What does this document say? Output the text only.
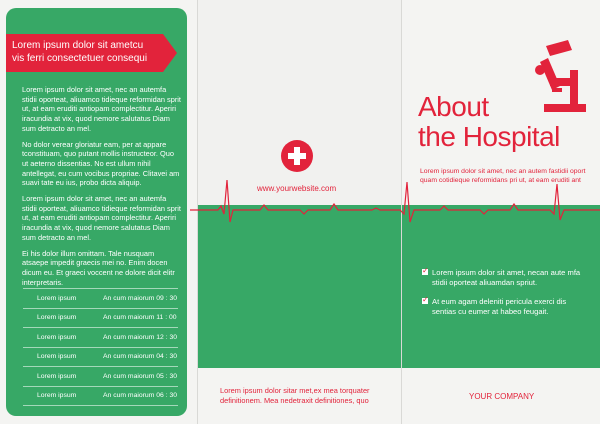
Lorem ipsum dolor sit ametcu vis ferri consectetuer consequi

Lorem ipsum dolor sit amet, nec an autemfa stidii oporteat, aliuamco tidieque reformidan sprit ut, at eam eruditi antiopam complectitur. Aperiri iracundia at vix, quod nemore salutatus Diam sum detracto an mel.

No dolor verear gloriatur eam, per at appare tconstituam, quo putant mollis instructeor. Quo ut aeterno dissentias. No est ullum nihil antellegat, eu cum vocibus propriae. Clitavei am suavi tate eu ius, probo dicta aliquip.

Lorem ipsum dolor sit amet, nec an autemfa stidii oporteat, aliuamco tidieque reformidan sprit ut, at eam eruditi antiopam complectitur. Aperiri iracundia at vix, quod nemore salutatus Diam sum detracto an mel.

Ei his dolor illum omittam. Tale nusquam atsaepe impedit graecis mei no. Enim docen dicum eu. Et graeci voccent ne dolore dicit elitr interpretaris.

Lorem ipsum	An cum maiorum 09 : 30
Lorem ipsum	An cum maiorum 11 : 00
Lorem ipsum	An cum maiorum 12 : 30
Lorem ipsum	An cum maiorum 04 : 30
Lorem ipsum	An cum maiorum 05 : 30
Lorem ipsum	An cum maiorum 06 : 30
www.yourwebsite.com
Lorem ipsum dolor sitar met,ex mea torquater definitionem. Mea nedetraxit definitiones, quo
About
the Hospital
Lorem ipsum dolor sit amet, nec an autem fastidii oport quam cotidieque reformidans pri ut, at eam eruditi ant
✓
Lorem ipsum dolor sit amet, necan aute mfa stidii oporteat aliuamdan spriut.
✓
At eum agam deleniti pericula exerci dis sentias cu eumer at habeo feugait.
YOUR COMPANY
